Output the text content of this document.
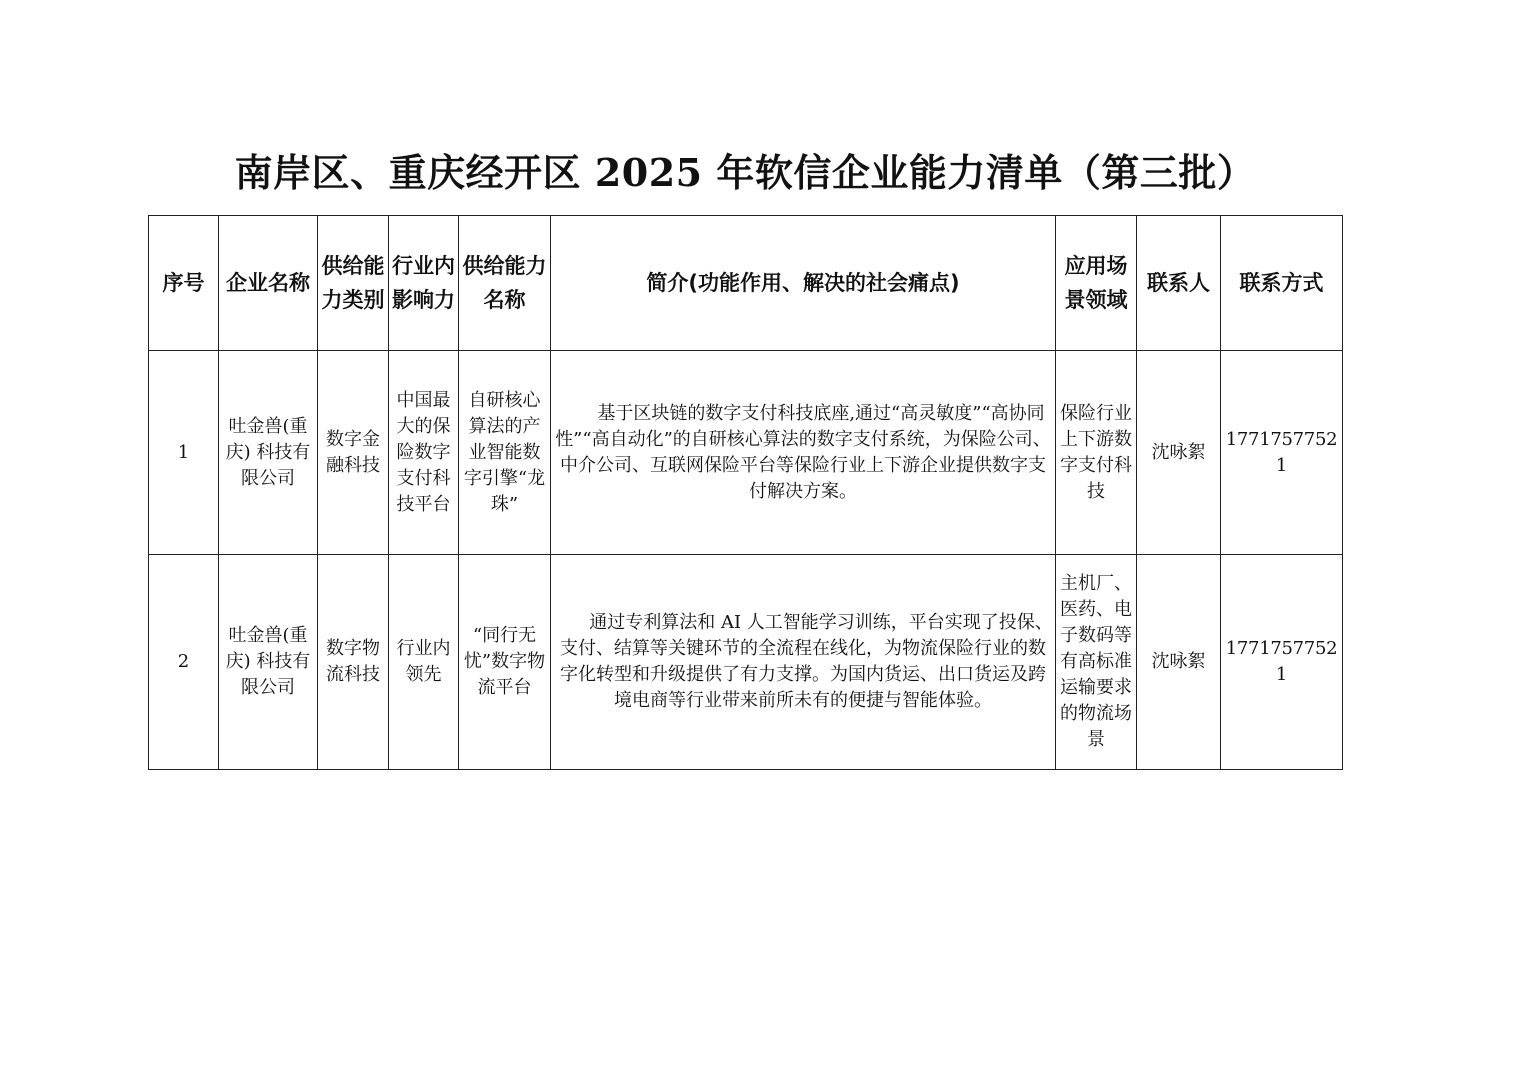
南岸区、重庆经开区 2025 年软信企业能力清单（第三批）
序号	企业名称	供给能力类别	行业内影响力	供给能力名称	简介(功能作用、解决的社会痛点)	应用场景领域	联系人	联系方式
1	吐金兽(重庆) 科技有限公司	数字金融科技	中国最大的保险数字支付科技平台	自研核心算法的产业智能数字引擎“龙珠”	基于区块链的数字支付科技底座,通过“高灵敏度”“高协同性”“高自动化”的自研核心算法的数字支付系统，为保险公司、中介公司、互联网保险平台等保险行业上下游企业提供数字支付解决方案。	保险行业上下游数字支付科技	沈咏絮	17717577521
2	吐金兽(重庆) 科技有限公司	数字物流科技	行业内领先	“同行无忧”数字物流平台	通过专利算法和 AI 人工智能学习训练，平台实现了投保、支付、结算等关键环节的全流程在线化，为物流保险行业的数字化转型和升级提供了有力支撑。为国内货运、出口货运及跨境电商等行业带来前所未有的便捷与智能体验。	主机厂、医药、电子数码等有高标准运输要求的物流场景	沈咏絮	17717577521
